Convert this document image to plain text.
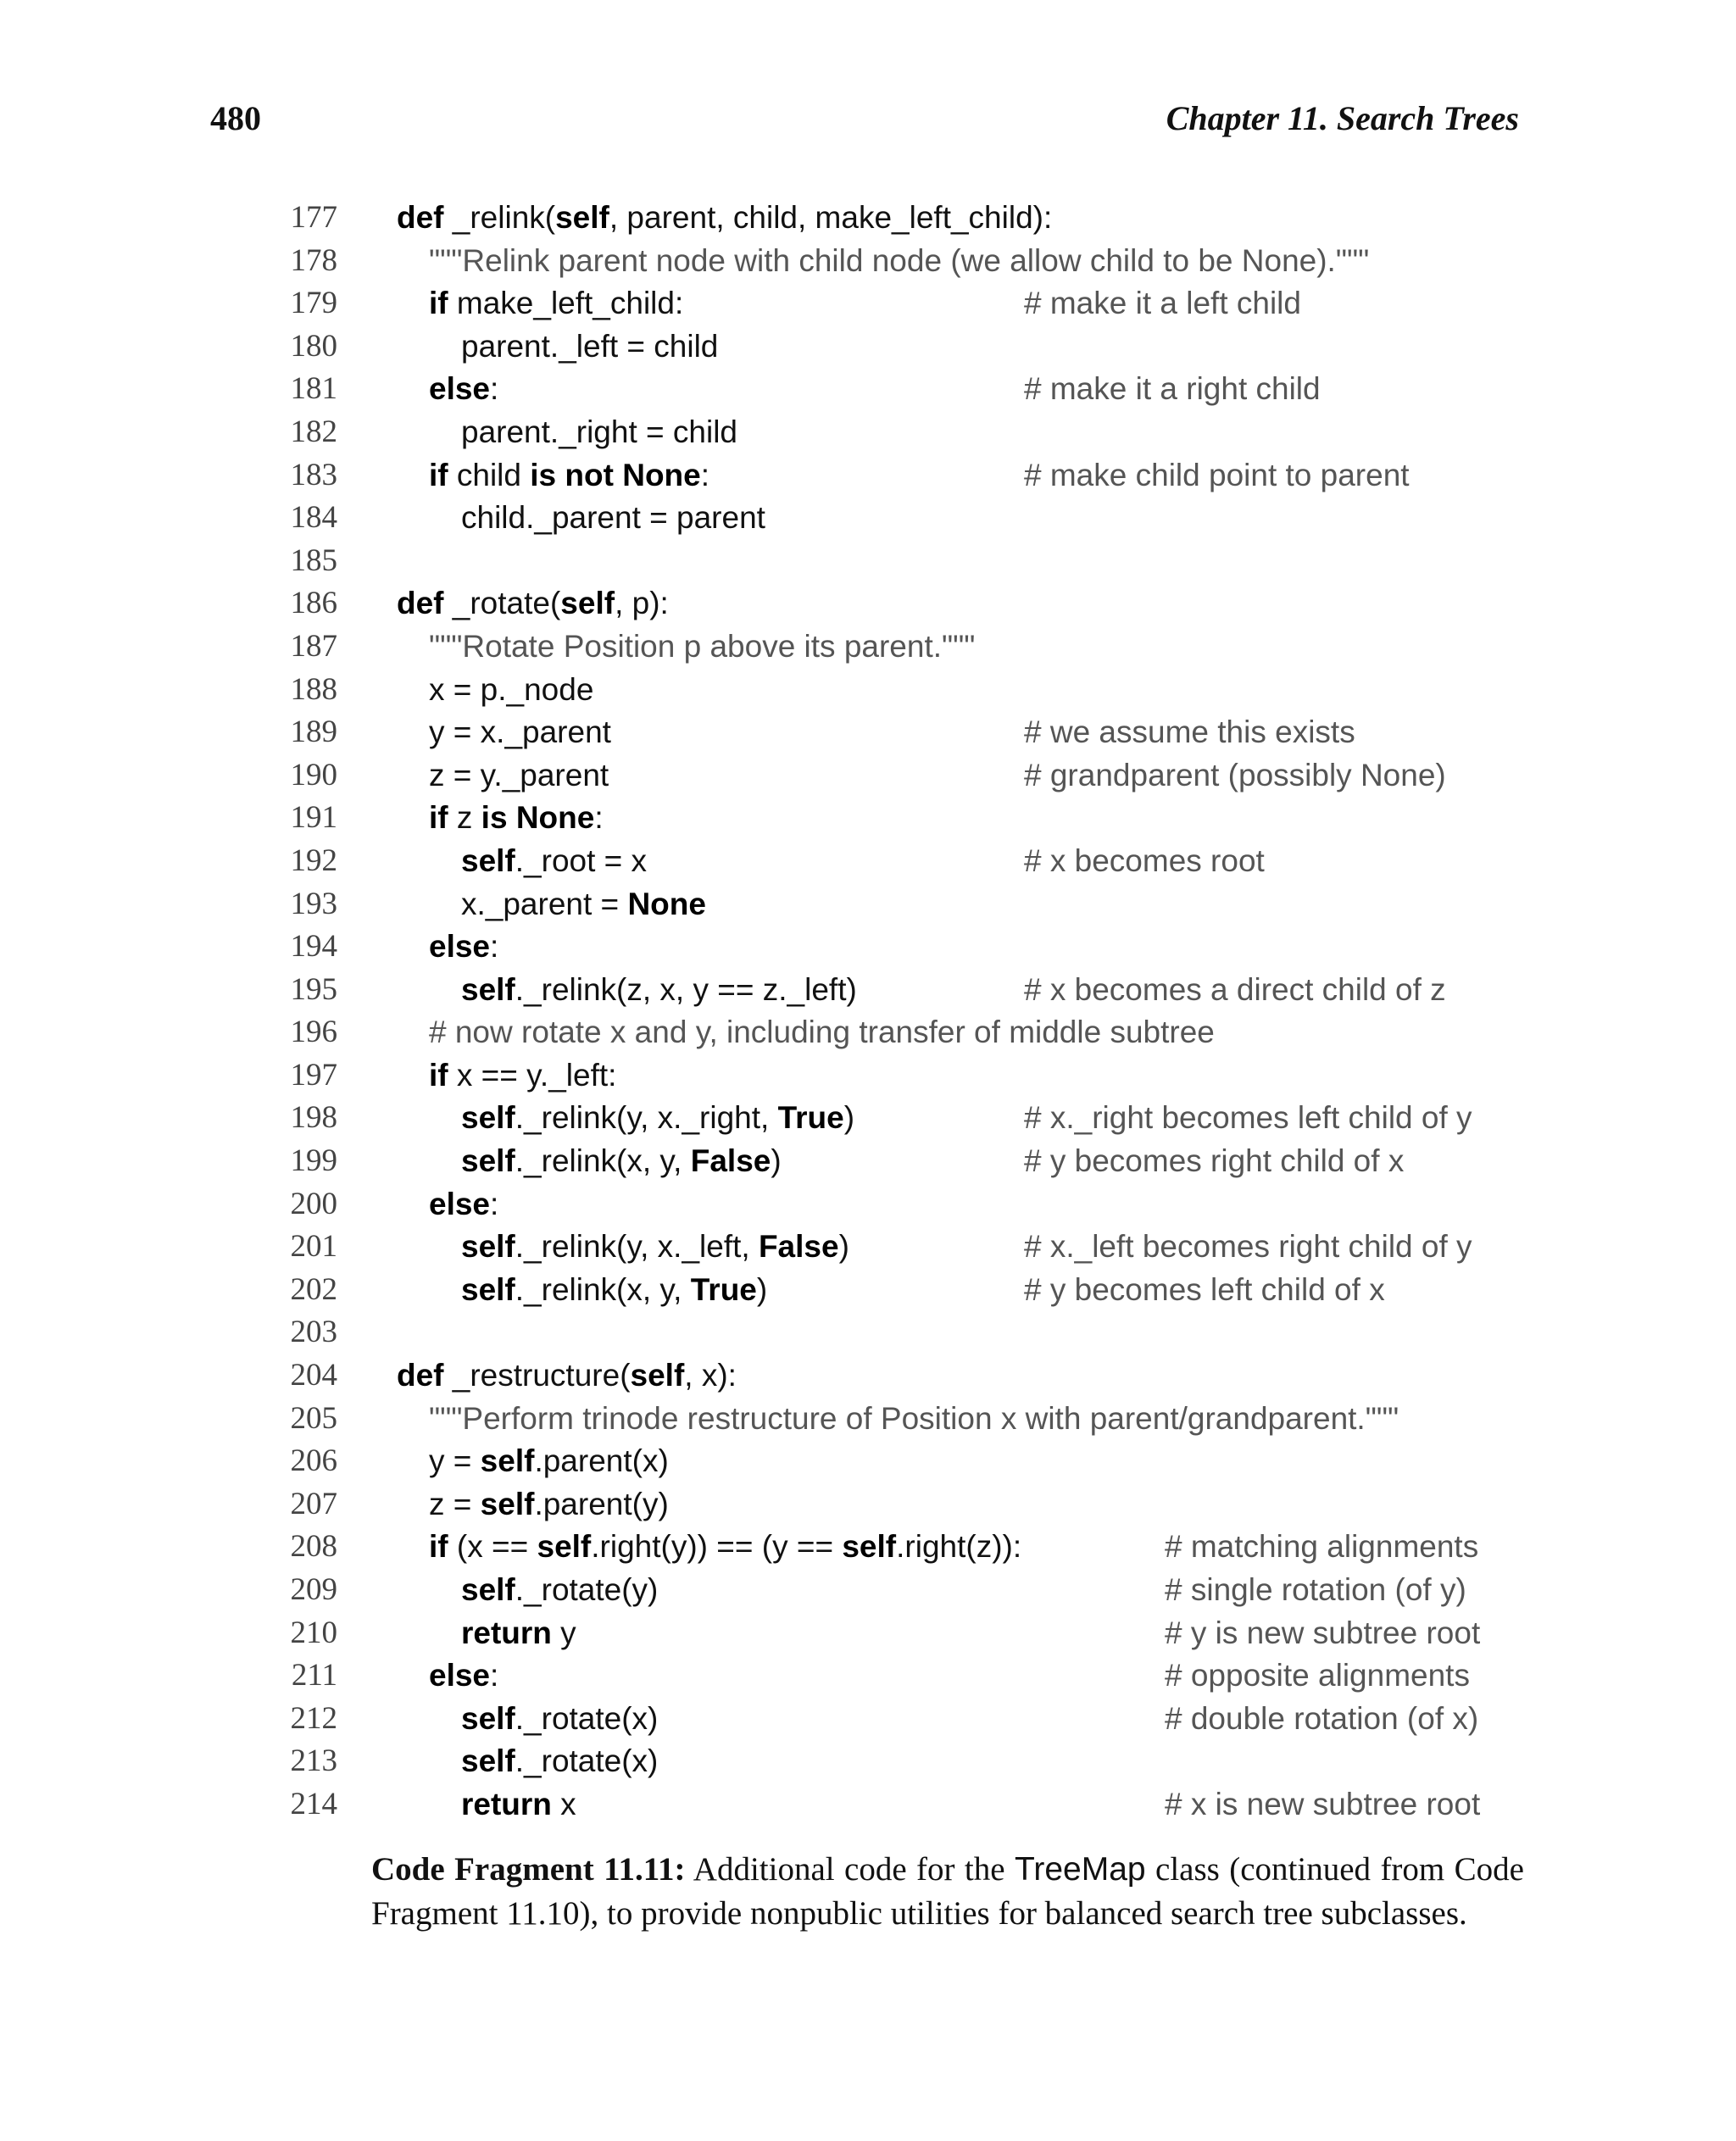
480	Chapter 11. Search Trees
177 def _relink(self, parent, child, make_left_child):
178	"""Relink parent node with child node (we allow child to be None)."""
179	if make_left_child:	# make it a left child
180	parent._left = child
181	else:	# make it a right child
182	parent._right = child
183	if child is not None:	# make child point to parent
184	child._parent = parent
185
186 def _rotate(self, p):
187	"""Rotate Position p above its parent."""
188	x = p._node
189	y = x._parent	# we assume this exists
190	z = y._parent	# grandparent (possibly None)
191	if z is None:
192	self._root = x	# x becomes root
193	x._parent = None
194	else:
195	self._relink(z, x, y == z._left)	# x becomes a direct child of z
196	# now rotate x and y, including transfer of middle subtree
197	if x == y._left:
198	self._relink(y, x._right, True)	# x._right becomes left child of y
199	self._relink(x, y, False)	# y becomes right child of x
200	else:
201	self._relink(y, x._left, False)	# x._left becomes right child of y
202	self._relink(x, y, True)	# y becomes left child of x
203
204 def _restructure(self, x):
205	"""Perform trinode restructure of Position x with parent/grandparent."""
206	y = self.parent(x)
207	z = self.parent(y)
208	if (x == self.right(y)) == (y == self.right(z)):	# matching alignments
209	self._rotate(y)	# single rotation (of y)
210	return y	# y is new subtree root
211	else:	# opposite alignments
212	self._rotate(x)	# double rotation (of x)
213	self._rotate(x)
214	return x	# x is new subtree root
Code Fragment 11.11: Additional code for the TreeMap class (continued from Code Fragment 11.10), to provide nonpublic utilities for balanced search tree subclasses.
